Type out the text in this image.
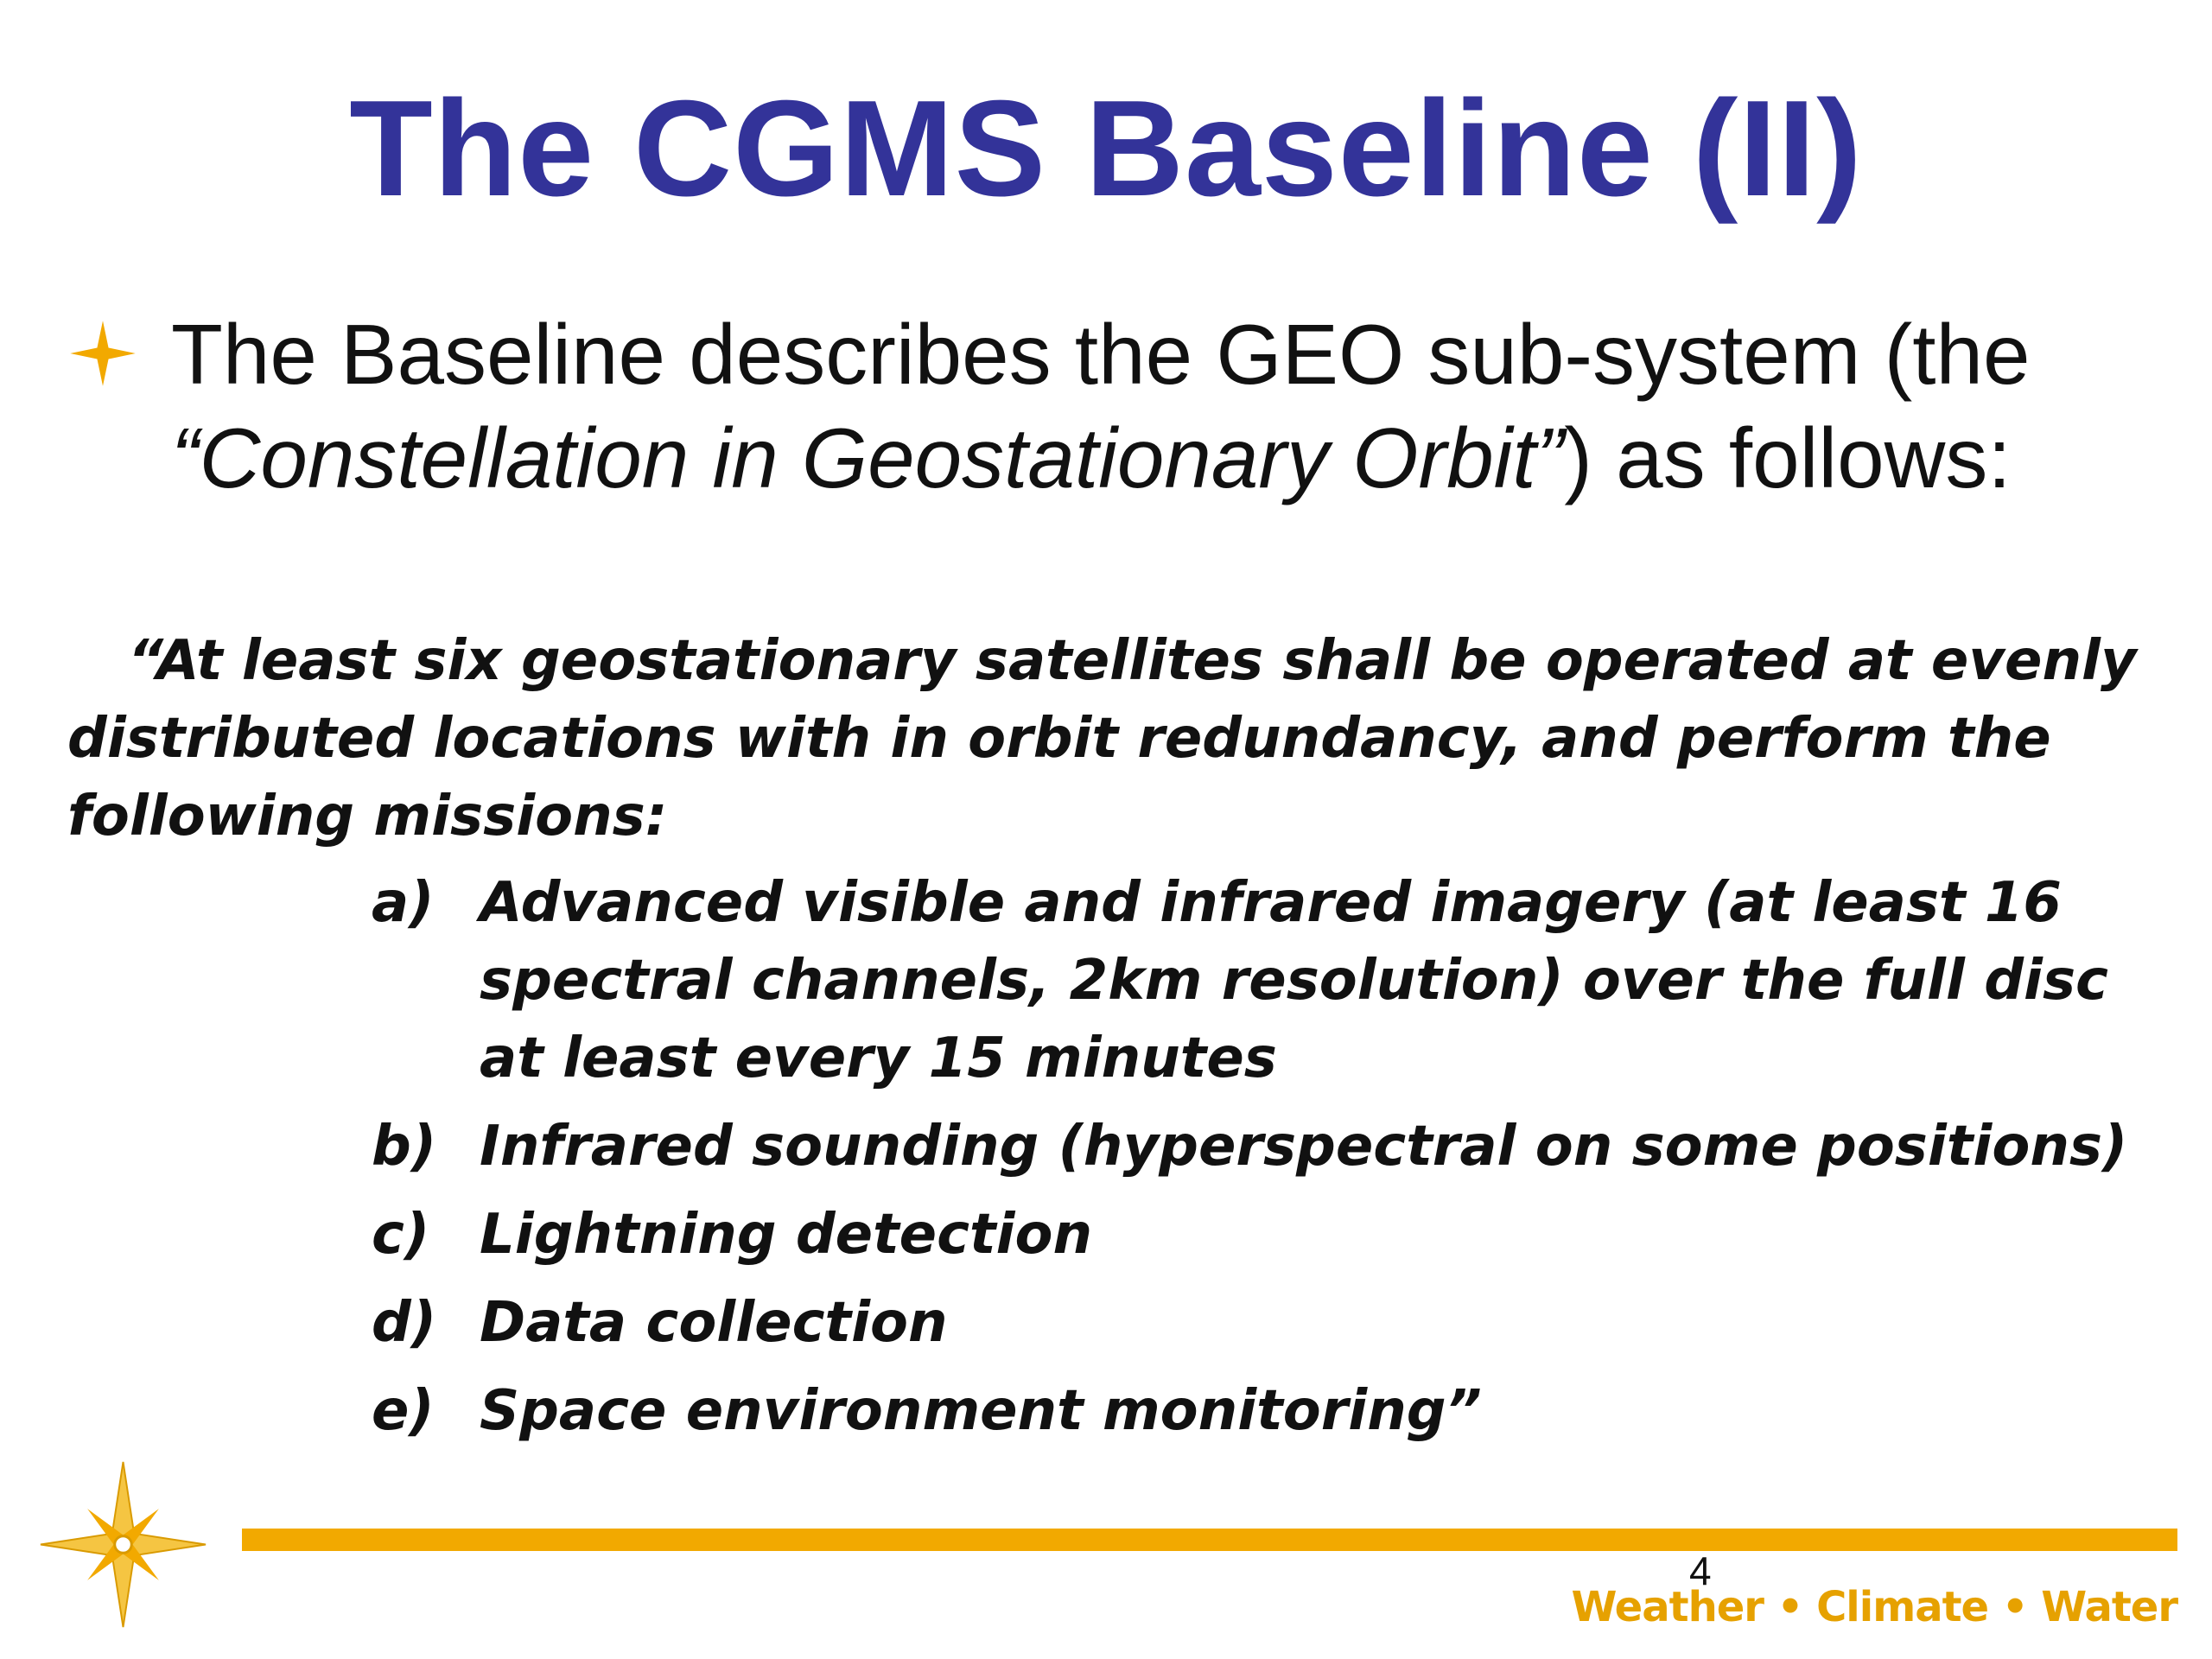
The CGMS Baseline (II)
The Baseline describes the GEO sub-system (the “Constellation in Geostationary Orbit”) as follows:
“At least six geostationary satellites shall be operated at evenly distributed locations with in orbit redundancy, and perform the following missions:
a) Advanced visible and infrared imagery (at least 16 spectral channels, 2km resolution) over the full disc at least every 15 minutes
b) Infrared sounding (hyperspectral on some positions)
c) Lightning detection
d) Data collection
e) Space environment monitoring”
4
Weather • Climate • Water
